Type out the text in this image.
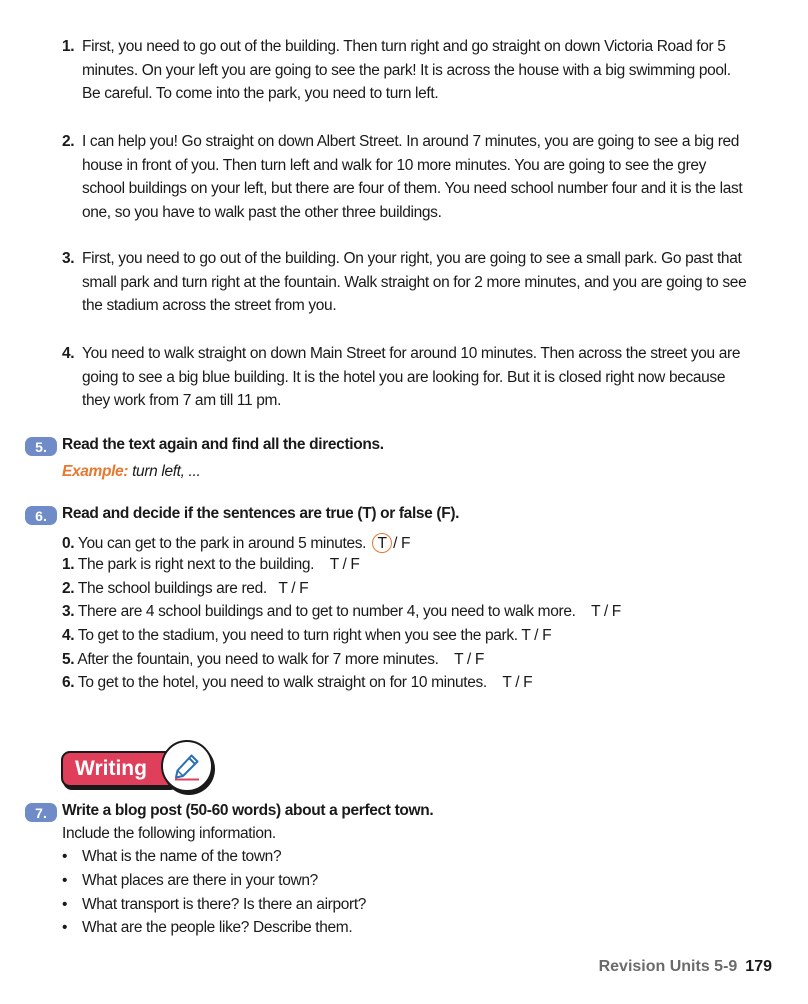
1. First, you need to go out of the building. Then turn right and go straight on down Victoria Road for 5 minutes. On your left you are going to see the park! It is across the house with a big swimming pool. Be careful. To come into the park, you need to turn left.
2. I can help you! Go straight on down Albert Street. In around 7 minutes, you are going to see a big red house in front of you. Then turn left and walk for 10 more minutes. You are going to see the grey school buildings on your left, but there are four of them. You need school number four and it is the last one, so you have to walk past the other three buildings.
3. First, you need to go out of the building. On your right, you are going to see a small park. Go past that small park and turn right at the fountain. Walk straight on for 2 more minutes, and you are going to see the stadium across the street from you.
4. You need to walk straight on down Main Street for around 10 minutes. Then across the street you are going to see a big blue building. It is the hotel you are looking for. But it is closed right now because they work from 7 am till 11 pm.
5. Read the text again and find all the directions.
Example: turn left, ...
6. Read and decide if the sentences are true (T) or false (F).
0. You can get to the park in around 5 minutes. T / F
1. The park is right next to the building. T / F
2. The school buildings are red. T / F
3. There are 4 school buildings and to get to number 4, you need to walk more. T / F
4. To get to the stadium, you need to turn right when you see the park. T / F
5. After the fountain, you need to walk for 7 more minutes. T / F
6. To get to the hotel, you need to walk straight on for 10 minutes. T / F
Writing
7. Write a blog post (50-60 words) about a perfect town.
Include the following information.
• What is the name of the town?
• What places are there in your town?
• What transport is there? Is there an airport?
• What are the people like? Describe them.
Revision Units 5-9 179
